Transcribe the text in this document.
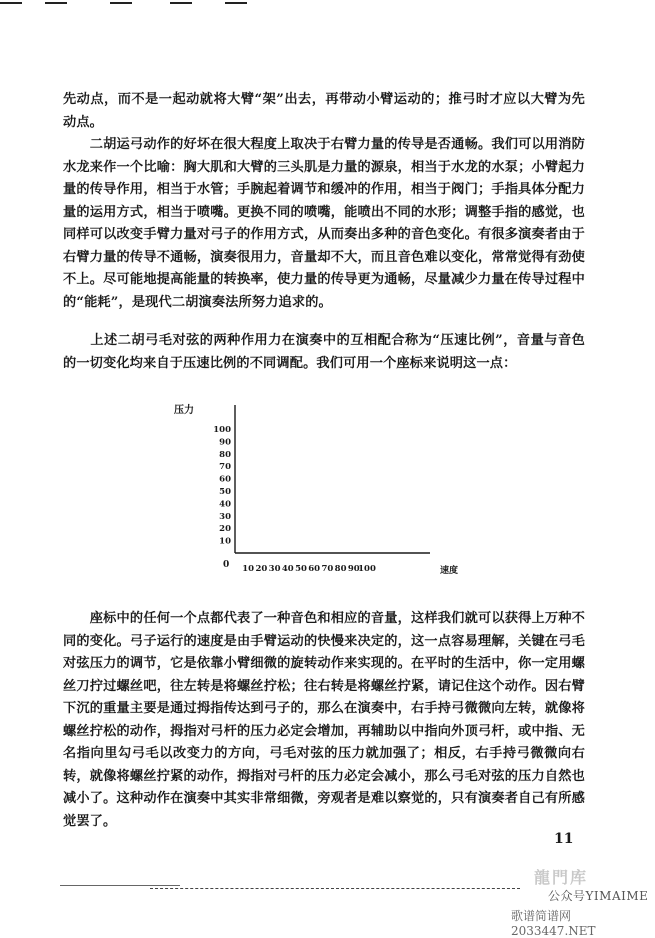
先动点，而不是一起动就将大臂“架”出去，再带动小臂运动的；推弓时才应以大臂为先动点。

　　二胡运弓动作的好坏在很大程度上取决于右臂力量的传导是否通畅。我们可以用消防水龙来作一个比喻：胸大肌和大臂的三头肌是力量的源泉，相当于水龙的水泵；小臂起力量的传导作用，相当于水管；手腕起着调节和缓冲的作用，相当于阀门；手指具体分配力量的运用方式，相当于喷嘴。更换不同的喷嘴，能喷出不同的水形；调整手指的感觉，也同样可以改变手臂力量对弓子的作用方式，从而奏出多种的音色变化。有很多演奏者由于右臂力量的传导不通畅，演奏很用力，音量却不大，而且音色难以变化，常常觉得有劲使不上。尽可能地提高能量的转换率，使力量的传导更为通畅，尽量减少力量在传导过程中的“能耗”，是现代二胡演奏法所努力追求的。

　　上述二胡弓毛对弦的两种作用力在演奏中的互相配合称为“压速比例”，音量与音色的一切变化均来自于压速比例的不同调配。我们可用一个座标来说明这一点：

压力
速度
0
10
20
30
40
50
60
70
80
90
100
10 20 30 40 50 60 70 80 90
100

　　座标中的任何一个点都代表了一种音色和相应的音量，这样我们就可以获得上万种不同的变化。弓子运行的速度是由手臂运动的快慢来决定的，这一点容易理解，关键在弓毛对弦压力的调节，它是依靠小臂细微的旋转动作来实现的。在平时的生活中，你一定用螺丝刀拧过螺丝吧，往左转是将螺丝拧松；往右转是将螺丝拧紧，请记住这个动作。因右臂下沉的重量主要是通过拇指传达到弓子的，那么在演奏中，右手持弓微微向左转，就像将螺丝拧松的动作，拇指对弓杆的压力必定会增加，再辅助以中指向外顶弓杆，或中指、无名指向里勾弓毛以改变力的方向，弓毛对弦的压力就加强了；相反，右手持弓微微向右转，就像将螺丝拧紧的动作，拇指对弓杆的压力必定会减小，那么弓毛对弦的压力自然也减小了。这种动作在演奏中其实非常细微，旁观者是难以察觉的，只有演奏者自己有所感觉罢了。

11
龍門库
公众号YIMAIME
歌谱简谱网 2033447.NET
